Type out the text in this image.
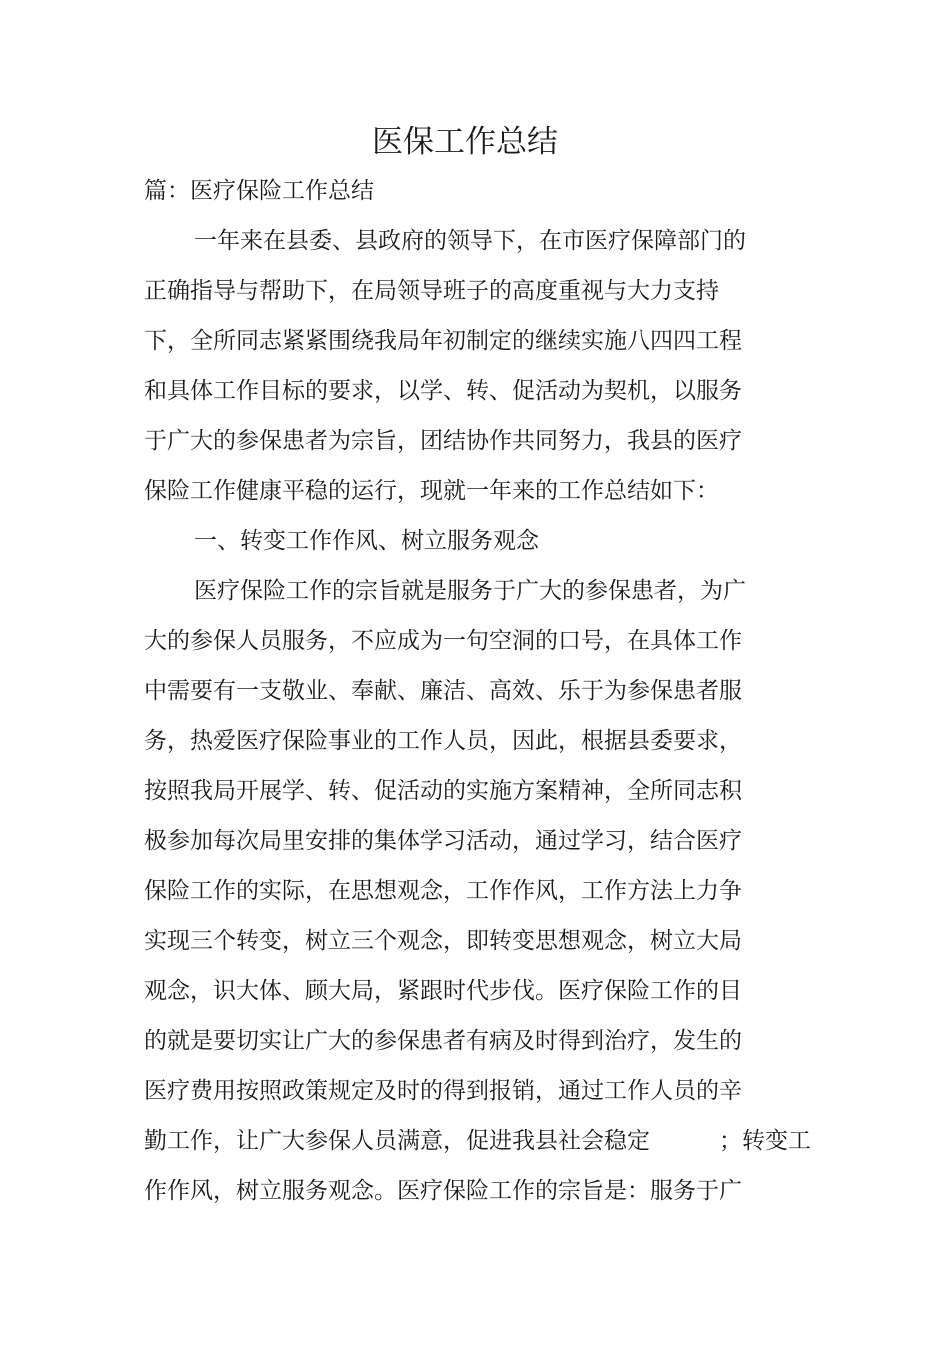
医保工作总结
篇：医疗保险工作总结
一年来在县委、县政府的领导下，在市医疗保障部门的
正确指导与帮助下，在局领导班子的高度重视与大力支持
下，全所同志紧紧围绕我局年初制定的继续实施八四四工程
和具体工作目标的要求，以学、转、促活动为契机，以服务
于广大的参保患者为宗旨，团结协作共同努力，我县的医疗
保险工作健康平稳的运行，现就一年来的工作总结如下：
一、转变工作作风、树立服务观念
医疗保险工作的宗旨就是服务于广大的参保患者，为广
大的参保人员服务，不应成为一句空洞的口号，在具体工作
中需要有一支敬业、奉献、廉洁、高效、乐于为参保患者服
务，热爱医疗保险事业的工作人员，因此，根据县委要求，
按照我局开展学、转、促活动的实施方案精神，全所同志积
极参加每次局里安排的集体学习活动，通过学习，结合医疗
保险工作的实际，在思想观念，工作作风，工作方法上力争
实现三个转变，树立三个观念，即转变思想观念，树立大局
观念，识大体、顾大局，紧跟时代步伐。医疗保险工作的目
的就是要切实让广大的参保患者有病及时得到治疗，发生的
医疗费用按照政策规定及时的得到报销，通过工作人员的辛
勤工作，让广大参保人员满意，促进我县社会稳定　　　；转变工
作作风，树立服务观念。医疗保险工作的宗旨是：服务于广
